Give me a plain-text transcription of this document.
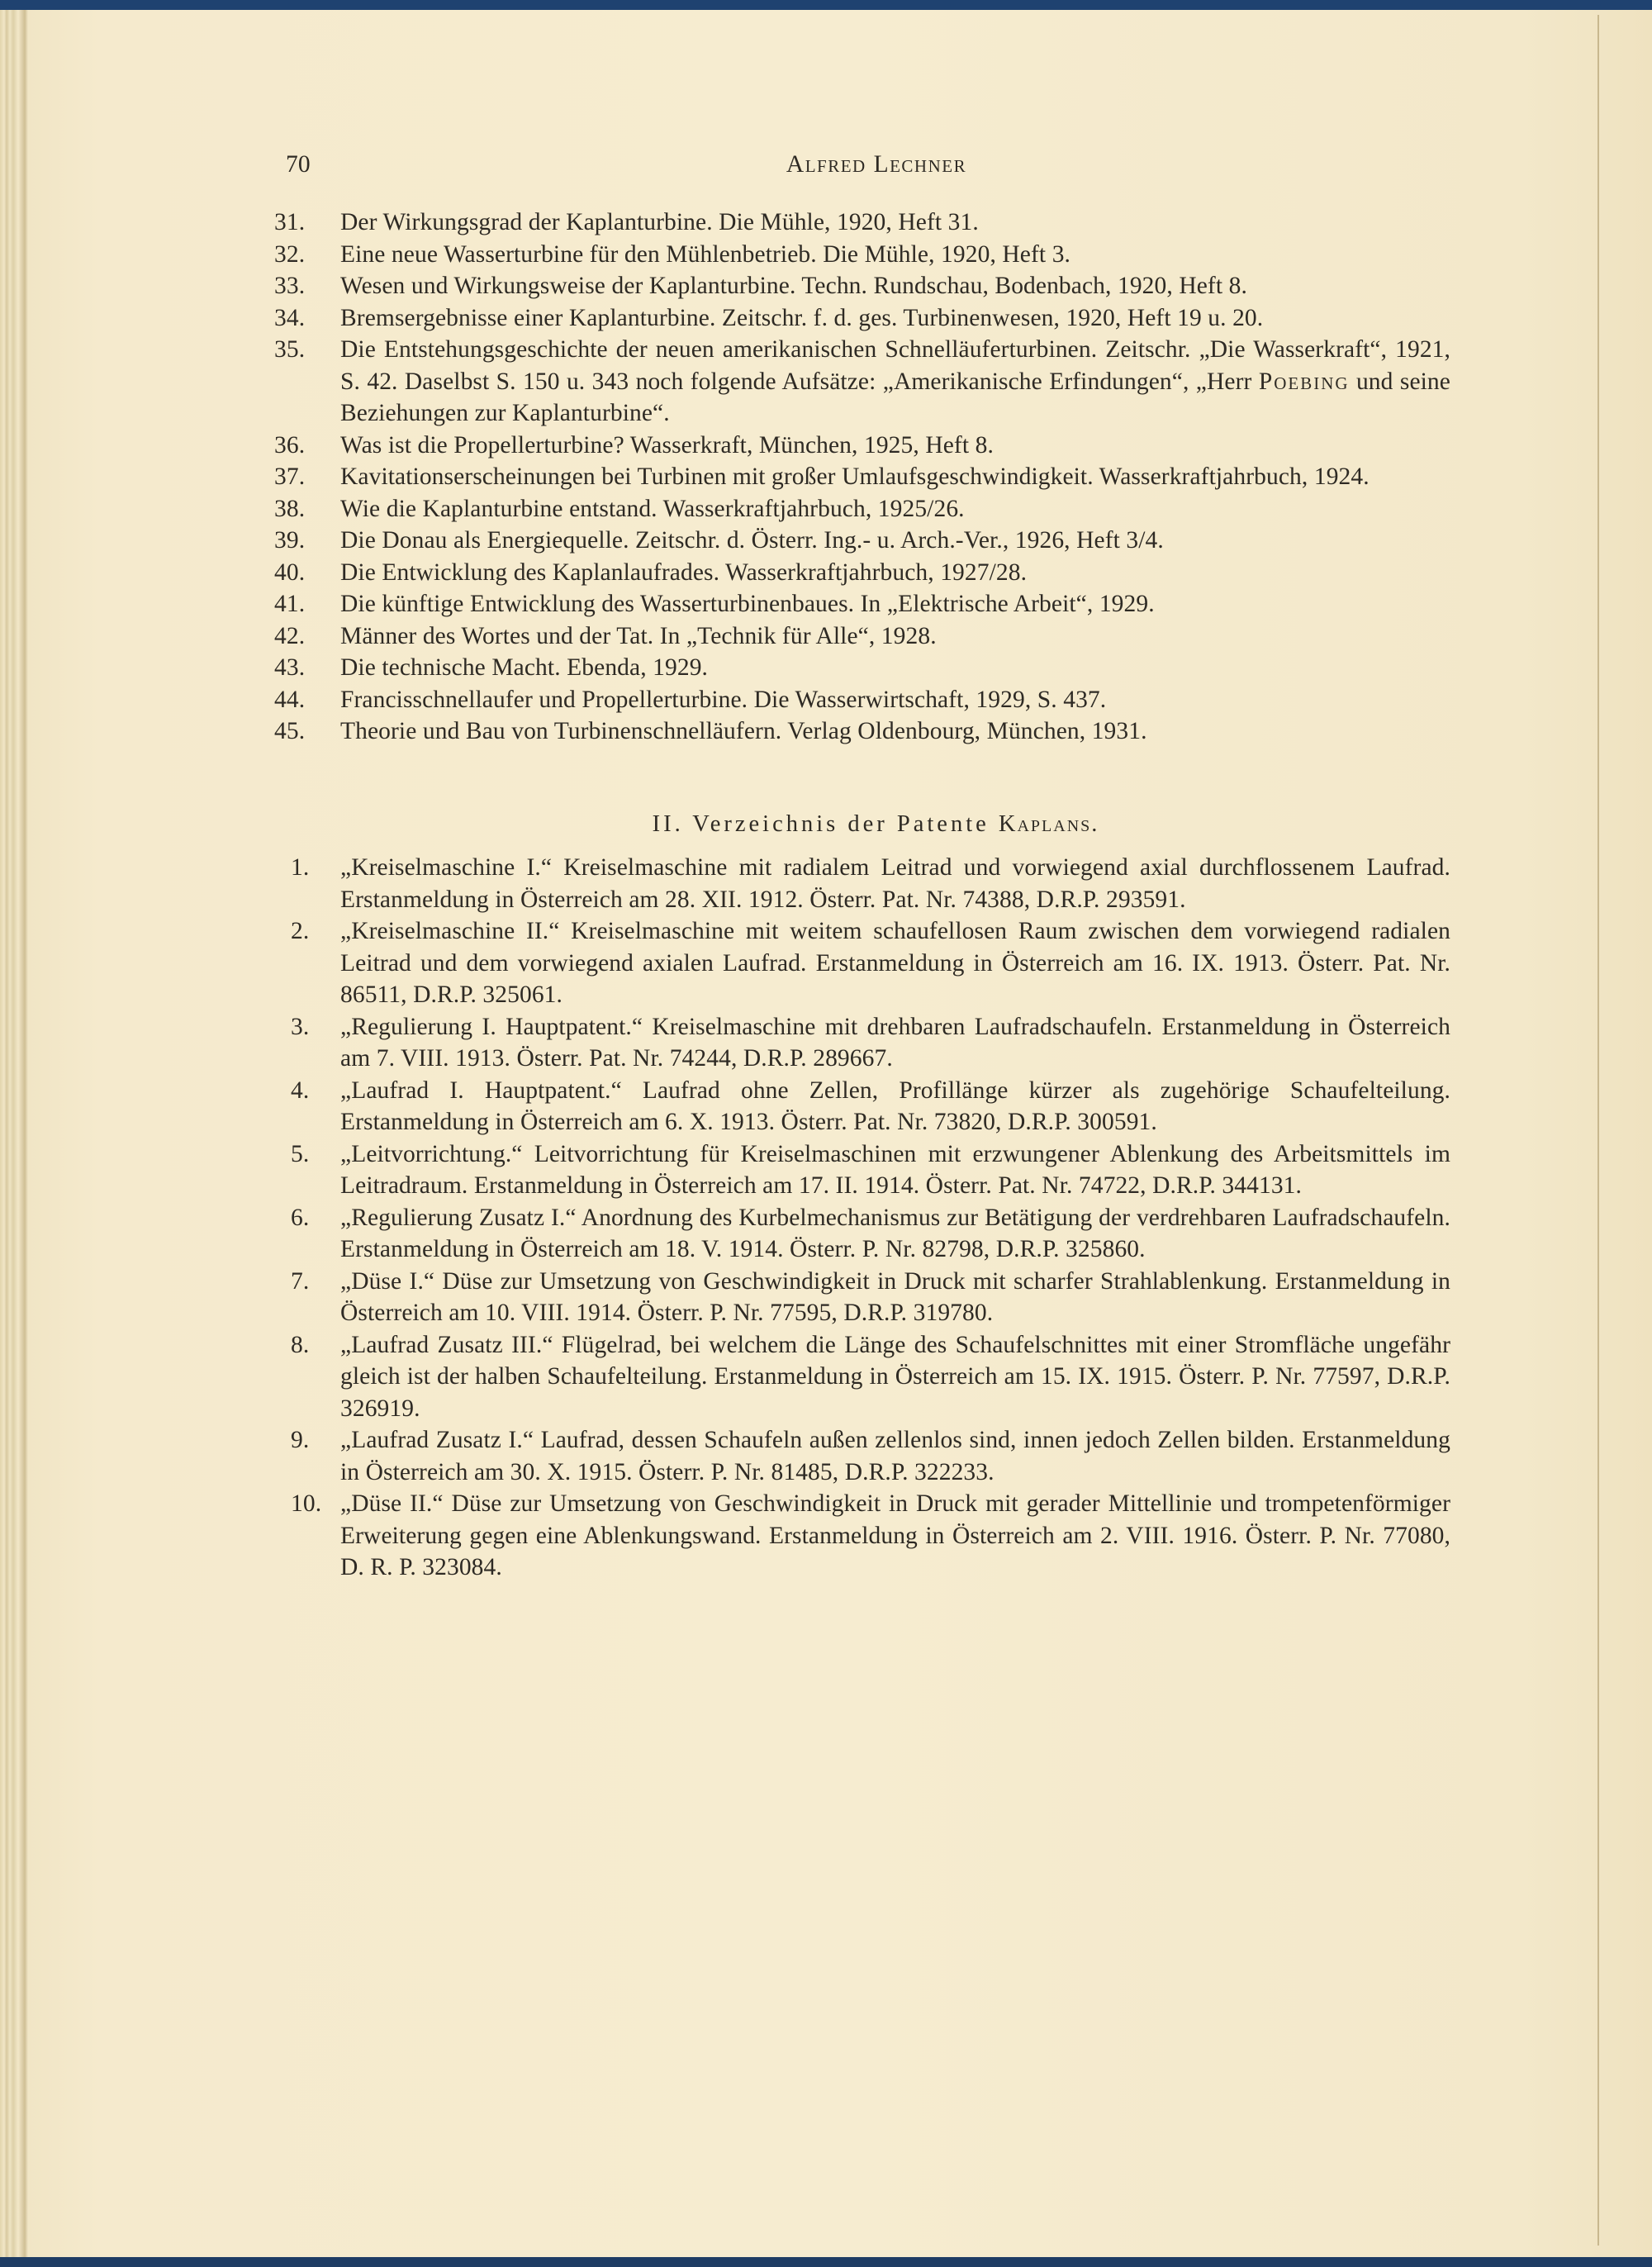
70	Alfred Lechner
31.	Der Wirkungsgrad der Kaplanturbine. Die Mühle, 1920, Heft 31.
32.	Eine neue Wasserturbine für den Mühlenbetrieb. Die Mühle, 1920, Heft 3.
33.	Wesen und Wirkungsweise der Kaplanturbine. Techn. Rundschau, Bodenbach, 1920, Heft 8.
34.	Bremsergebnisse einer Kaplanturbine. Zeitschr. f. d. ges. Turbinenwesen, 1920, Heft 19 u. 20.
35.	Die Entstehungsgeschichte der neuen amerikanischen Schnelläuferturbinen. Zeitschr. „Die Wasserkraft“, 1921, S. 42. Daselbst S. 150 u. 343 noch folgende Aufsätze: „Amerikanische Erfindungen“, „Herr Poebing und seine Beziehungen zur Kaplanturbine“.
36.	Was ist die Propellerturbine? Wasserkraft, München, 1925, Heft 8.
37.	Kavitationserscheinungen bei Turbinen mit großer Umlaufsgeschwindigkeit. Wasserkraftjahrbuch, 1924.
38.	Wie die Kaplanturbine entstand. Wasserkraftjahrbuch, 1925/26.
39.	Die Donau als Energiequelle. Zeitschr. d. Österr. Ing.- u. Arch.-Ver., 1926, Heft 3/4.
40.	Die Entwicklung des Kaplanlaufrades. Wasserkraftjahrbuch, 1927/28.
41.	Die künftige Entwicklung des Wasserturbinenbaues. In „Elektrische Arbeit“, 1929.
42.	Männer des Wortes und der Tat. In „Technik für Alle“, 1928.
43.	Die technische Macht. Ebenda, 1929.
44.	Francisschnellaufer und Propellerturbine. Die Wasserwirtschaft, 1929, S. 437.
45.	Theorie und Bau von Turbinenschnelläufern. Verlag Oldenbourg, München, 1931.
II. Verzeichnis der Patente Kaplans.
1.	„Kreiselmaschine I.“ Kreiselmaschine mit radialem Leitrad und vorwiegend axial durchflossenem Laufrad. Erstanmeldung in Österreich am 28. XII. 1912. Österr. Pat. Nr. 74388, D.R.P. 293591.
2.	„Kreiselmaschine II.“ Kreiselmaschine mit weitem schaufellosen Raum zwischen dem vorwiegend radialen Leitrad und dem vorwiegend axialen Laufrad. Erstanmeldung in Österreich am 16. IX. 1913. Österr. Pat. Nr. 86511, D.R.P. 325061.
3.	„Regulierung I. Hauptpatent.“ Kreiselmaschine mit drehbaren Laufradschaufeln. Erstanmeldung in Österreich am 7. VIII. 1913. Österr. Pat. Nr. 74244, D.R.P. 289667.
4.	„Laufrad I. Hauptpatent.“ Laufrad ohne Zellen, Profillänge kürzer als zugehörige Schaufelteilung. Erstanmeldung in Österreich am 6. X. 1913. Österr. Pat. Nr. 73820, D.R.P. 300591.
5.	„Leitvorrichtung.“ Leitvorrichtung für Kreiselmaschinen mit erzwungener Ablenkung des Arbeitsmittels im Leitradraum. Erstanmeldung in Österreich am 17. II. 1914. Österr. Pat. Nr. 74722, D.R.P. 344131.
6.	„Regulierung Zusatz I.“ Anordnung des Kurbelmechanismus zur Betätigung der verdrehbaren Laufradschaufeln. Erstanmeldung in Österreich am 18. V. 1914. Österr. P. Nr. 82798, D.R.P. 325860.
7.	„Düse I.“ Düse zur Umsetzung von Geschwindigkeit in Druck mit scharfer Strahlablenkung. Erstanmeldung in Österreich am 10. VIII. 1914. Österr. P. Nr. 77595, D.R.P. 319780.
8.	„Laufrad Zusatz III.“ Flügelrad, bei welchem die Länge des Schaufelschnittes mit einer Stromfläche ungefähr gleich ist der halben Schaufelteilung. Erstanmeldung in Österreich am 15. IX. 1915. Österr. P. Nr. 77597, D.R.P. 326919.
9.	„Laufrad Zusatz I.“ Laufrad, dessen Schaufeln außen zellenlos sind, innen jedoch Zellen bilden. Erstanmeldung in Österreich am 30. X. 1915. Österr. P. Nr. 81485, D.R.P. 322233.
10. „Düse II.“ Düse zur Umsetzung von Geschwindigkeit in Druck mit gerader Mittellinie und trompetenförmiger Erweiterung gegen eine Ablenkungswand. Erstanmeldung in Österreich am 2. VIII. 1916. Österr. P. Nr. 77080, D. R. P. 323084.
